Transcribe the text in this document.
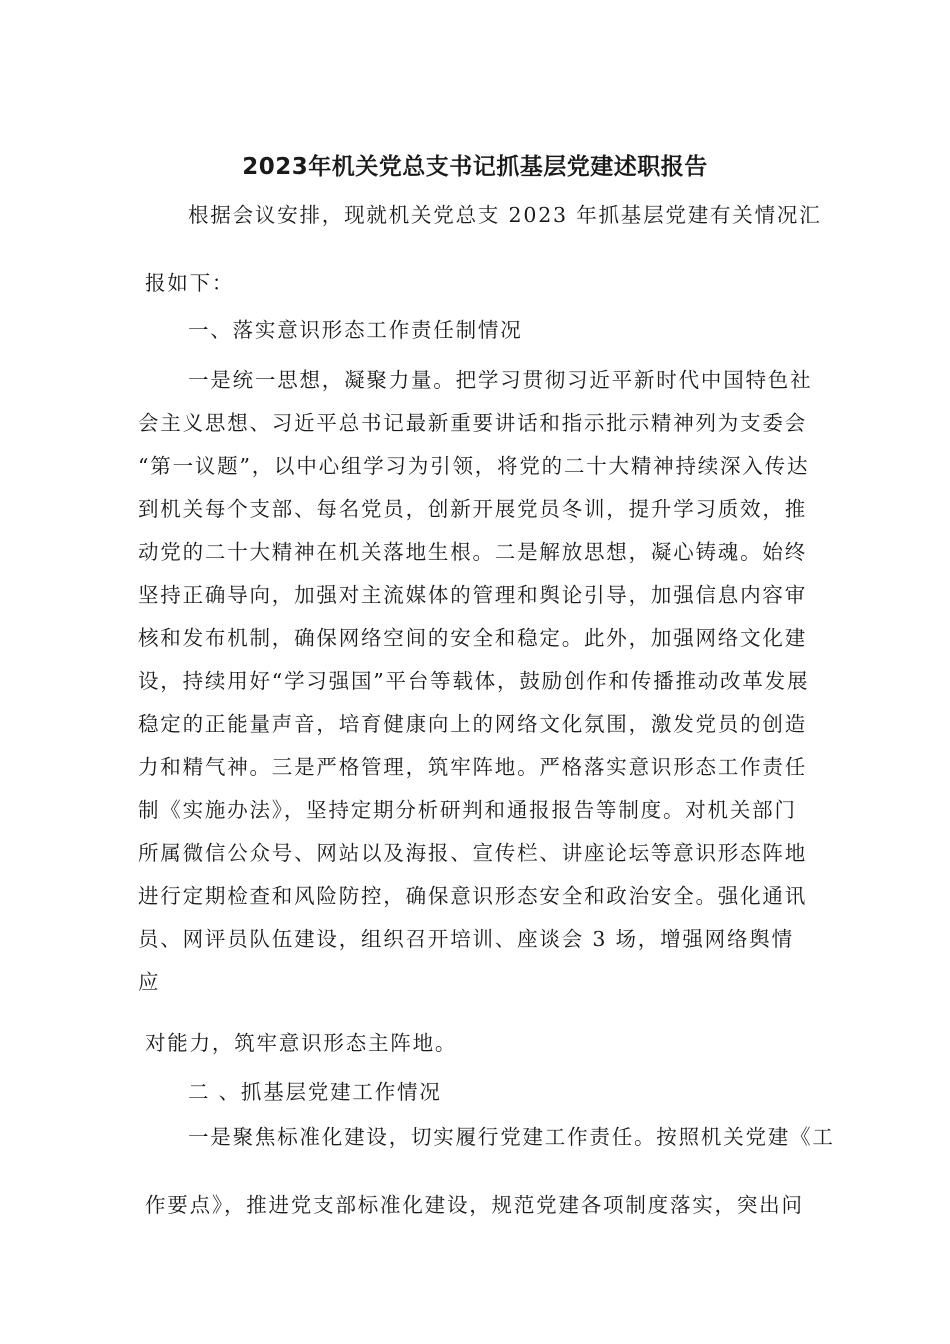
2023年机关党总支书记抓基层党建述职报告
根据会议安排，现就机关党总支 2023 年抓基层党建有关情况汇
报如下：
一、落实意识形态工作责任制情况
一是统一思想，凝聚力量。把学习贯彻习近平新时代中国特色社
会主义思想、习近平总书记最新重要讲话和指示批示精神列为支委会
“第一议题”，以中心组学习为引领，将党的二十大精神持续深入传达
到机关每个支部、每名党员，创新开展党员冬训，提升学习质效，推
动党的二十大精神在机关落地生根。二是解放思想，凝心铸魂。始终
坚持正确导向，加强对主流媒体的管理和舆论引导，加强信息内容审
核和发布机制，确保网络空间的安全和稳定。此外，加强网络文化建
设，持续用好“学习强国”平台等载体，鼓励创作和传播推动改革发展
稳定的正能量声音，培育健康向上的网络文化氛围，激发党员的创造
力和精气神。三是严格管理，筑牢阵地。严格落实意识形态工作责任
制《实施办法》，坚持定期分析研判和通报报告等制度。对机关部门
所属微信公众号、网站以及海报、宣传栏、讲座论坛等意识形态阵地
进行定期检查和风险防控，确保意识形态安全和政治安全。强化通讯
员、网评员队伍建设，组织召开培训、座谈会 3 场，增强网络舆情
应
对能力，筑牢意识形态主阵地。
二 、抓基层党建工作情况
一是聚焦标准化建设，切实履行党建工作责任。按照机关党建《工
作要点》，推进党支部标准化建设，规范党建各项制度落实，突出问
